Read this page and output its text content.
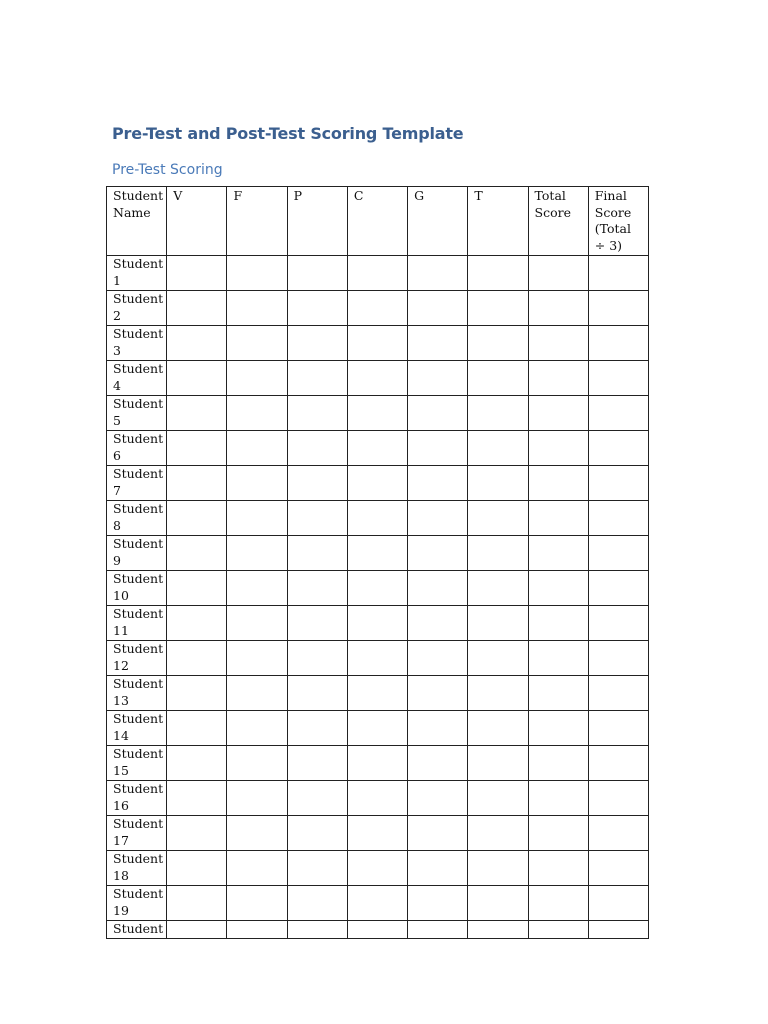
Pre-Test and Post-Test Scoring Template
Pre-Test Scoring
Student Name	V	F	P	C	G	T	Total Score	Final Score (Total ÷ 3)
Student 1								
Student 2								
Student 3								
Student 4								
Student 5								
Student 6								
Student 7								
Student 8								
Student 9								
Student 10								
Student 11								
Student 12								
Student 13								
Student 14								
Student 15								
Student 16								
Student 17								
Student 18								
Student 19								
Student								
